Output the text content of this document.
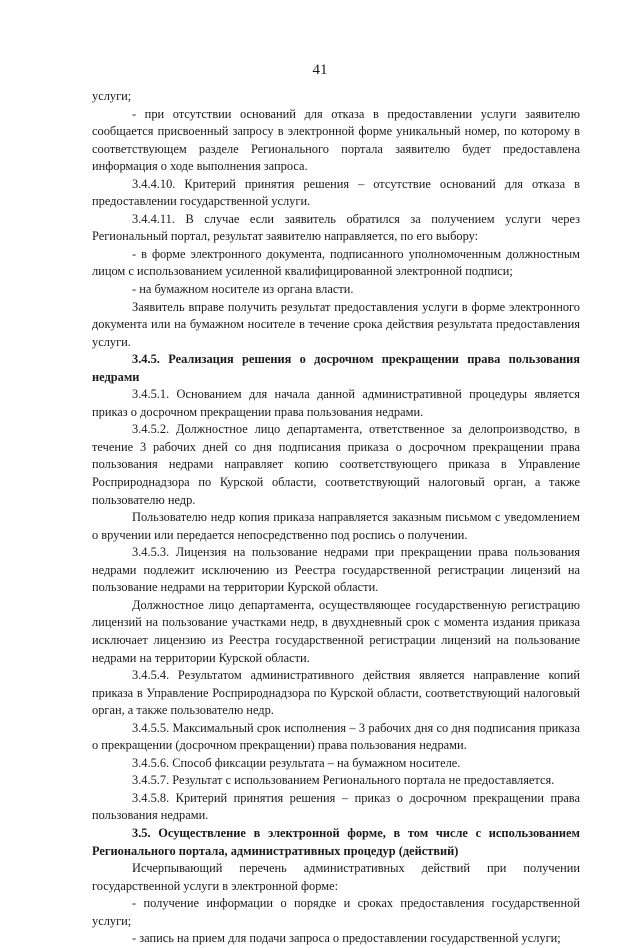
41

услуги;

- при отсутствии оснований для отказа в предоставлении услуги заявителю сообщается присвоенный запросу в электронной форме уникальный номер, по которому в соответствующем разделе Регионального портала заявителю будет предоставлена информация о ходе выполнения запроса.

3.4.4.10. Критерий принятия решения – отсутствие оснований для отказа в предоставлении государственной услуги.

3.4.4.11. В случае если заявитель обратился за получением услуги через Региональный портал, результат заявителю направляется, по его выбору:

- в форме электронного документа, подписанного уполномоченным должностным лицом с использованием усиленной квалифицированной электронной подписи;

- на бумажном носителе из органа власти.

Заявитель вправе получить результат предоставления услуги в форме электронного документа или на бумажном носителе в течение срока действия результата предоставления услуги.

3.4.5. Реализация решения о досрочном прекращении права пользования недрами

3.4.5.1. Основанием для начала данной административной процедуры является приказ о досрочном прекращении права пользования недрами.

3.4.5.2. Должностное лицо департамента, ответственное за делопроизводство, в течение 3 рабочих дней со дня подписания приказа о досрочном прекращении права пользования недрами направляет копию соответствующего приказа в Управление Росприроднадзора по Курской области, соответствующий налоговый орган, а также пользователю недр.

Пользователю недр копия приказа направляется заказным письмом с уведомлением о вручении или передается непосредственно под роспись о получении.

3.4.5.3. Лицензия на пользование недрами при прекращении права пользования недрами подлежит исключению из Реестра государственной регистрации лицензий на пользование недрами на территории Курской области.

Должностное лицо департамента, осуществляющее государственную регистрацию лицензий на пользование участками недр, в двухдневный срок с момента издания приказа исключает лицензию из Реестра государственной регистрации лицензий на пользование недрами на территории Курской области.

3.4.5.4. Результатом административного действия является направление копий приказа в Управление Росприроднадзора по Курской области, соответствующий налоговый орган, а также пользователю недр.

3.4.5.5. Максимальный срок исполнения – 3 рабочих дня со дня подписания приказа о прекращении (досрочном прекращении) права пользования недрами.

3.4.5.6. Способ фиксации результата – на бумажном носителе.

3.4.5.7. Результат с использованием Регионального портала не предоставляется.

3.4.5.8. Критерий принятия решения – приказ о досрочном прекращении права пользования недрами.

3.5. Осуществление в электронной форме, в том числе с использованием Регионального портала, административных процедур (действий)

Исчерпывающий перечень административных действий при получении государственной услуги в электронной форме:

- получение информации о порядке и сроках предоставления государственной услуги;

- запись на прием для подачи запроса о предоставлении государственной услуги;
